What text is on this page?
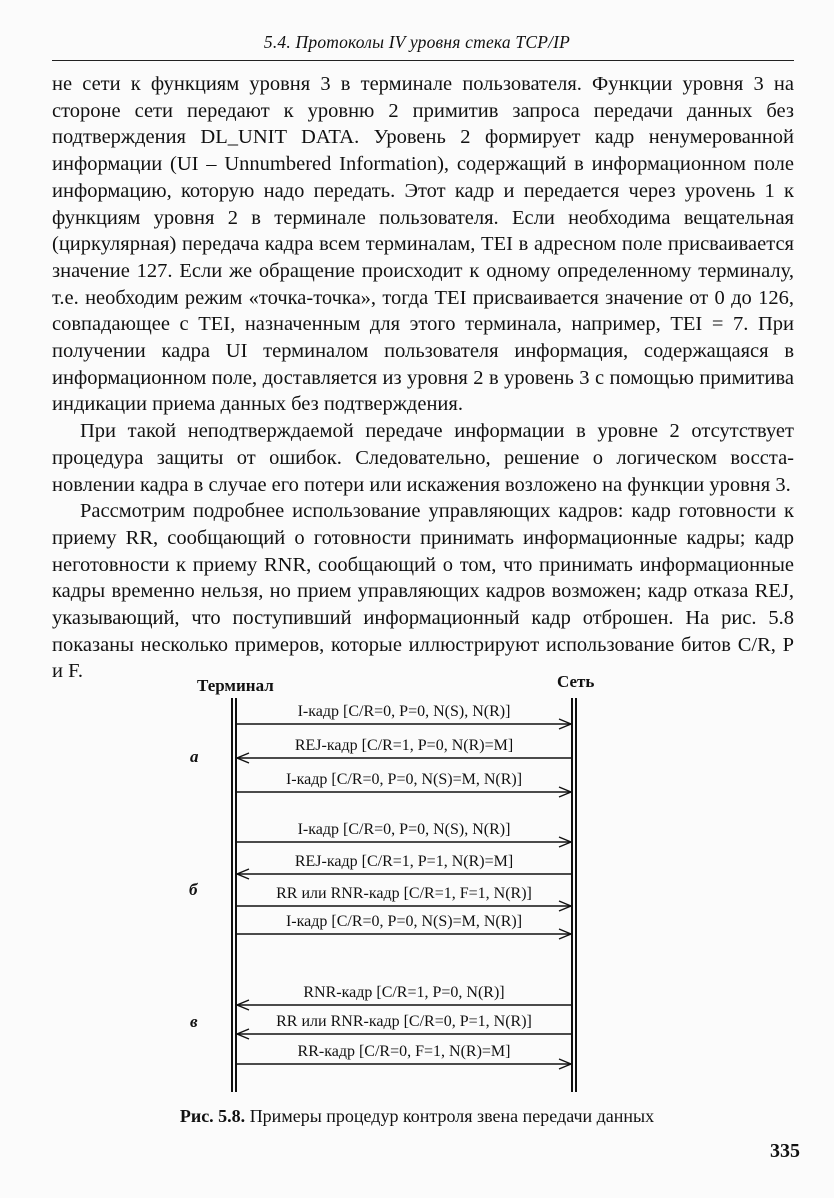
5.4. Протоколы IV уровня стека TCP/IP

не сети к функциям уровня 3 в терминале пользователя. Функции уровня 3 на стороне сети передают к уровню 2 примитив запроса передачи данных без подтверждения DL_UNIT DATA. Уровень 2 формирует кадр ненумерованной информации (UI – Unnumbered Information), содержащий в информационном поле информацию, которую надо передать. Этот кадр и передается через уроvень 1 к функциям уровня 2 в терминале пользователя. Если необходима вещательная (циркулярная) передача кадра всем терминалам, TEI в адресном поле присваивается значение 127. Если же обращение происходит к одному определенному терминалу, т.е. необходим режим «точка-точка», тогда TEI присваивается значение от 0 до 126, совпадающее с TEI, назначенным для этого терминала, например, TEI = 7. При получении кадра UI терминалом пользователя информация, содержащаяся в информационном поле, доставляется из уровня 2 в уровень 3 с помощью примитива индикации приема данных без подтверждения.

При такой неподтверждаемой передаче информации в уровне 2 отсутствует процедура защиты от ошибок. Следовательно, решение о логическом восстановлении кадра в случае его потери или искажения возложено на функции уровня 3.

Рассмотрим подробнее использование управляющих кадров: кадр готовности к приему RR, сообщающий о готовности принимать информационные кадры; кадр неготовности к приему RNR, сообщающий о том, что принимать информационные кадры временно нельзя, но прием управляющих кадров возможен; кадр отказа REJ, указывающий, что поступивший информационный кадр отброшен. На рис. 5.8 показаны несколько примеров, которые иллюстрируют использование битов C/R, P и F.

Терминал	Сеть
а
б
в
I-кадр [C/R=0, P=0, N(S), N(R)]
REJ-кадр [C/R=1, P=0, N(R)=M]
I-кадр [C/R=0, P=0, N(S)=M, N(R)]
I-кадр [C/R=0, P=0, N(S), N(R)]
REJ-кадр [C/R=1, P=1, N(R)=M]
RR или RNR-кадр [C/R=1, F=1, N(R)]
I-кадр [C/R=0, P=0, N(S)=M, N(R)]
RNR-кадр [C/R=1, P=0, N(R)]
RR или RNR-кадр [C/R=0, P=1, N(R)]
RR-кадр [C/R=0, F=1, N(R)=M]
Рис. 5.8. Примеры процедур контроля звена передачи данных
335
